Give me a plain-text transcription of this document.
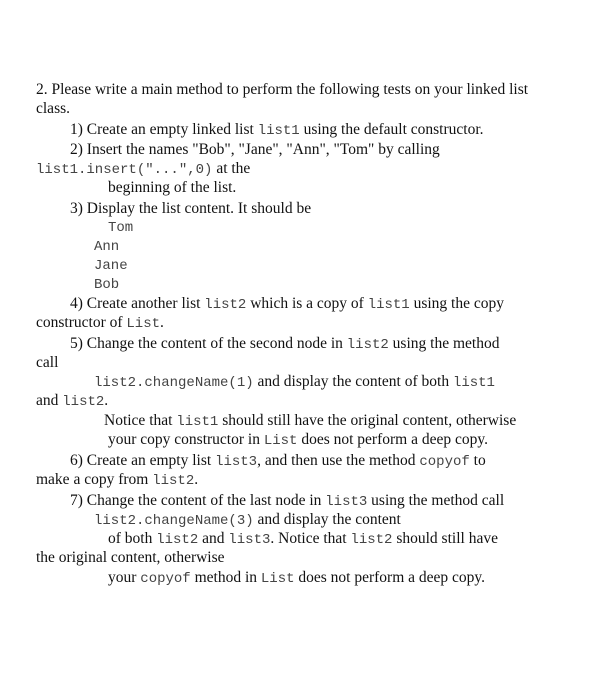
2. Please write a main method to perform the following tests on your linked list
class.
1) Create an empty linked list list1 using the default constructor.
2) Insert the names "Bob", "Jane", "Ann", "Tom" by calling
list1.insert("...",0) at the
beginning of the list.
3) Display the list content. It should be
Tom
Ann
Jane
Bob
4) Create another list list2 which is a copy of list1 using the copy
constructor of List.
5) Change the content of the second node in list2 using the method
call
list2.changeName(1) and display the content of both list1
and list2.
Notice that list1 should still have the original content, otherwise
your copy constructor in List does not perform a deep copy.
6) Create an empty list list3, and then use the method copyof to
make a copy from list2.
7) Change the content of the last node in list3 using the method call
list2.changeName(3) and display the content
of both list2 and list3. Notice that list2 should still have
the original content, otherwise
your copyof method in List does not perform a deep copy.
